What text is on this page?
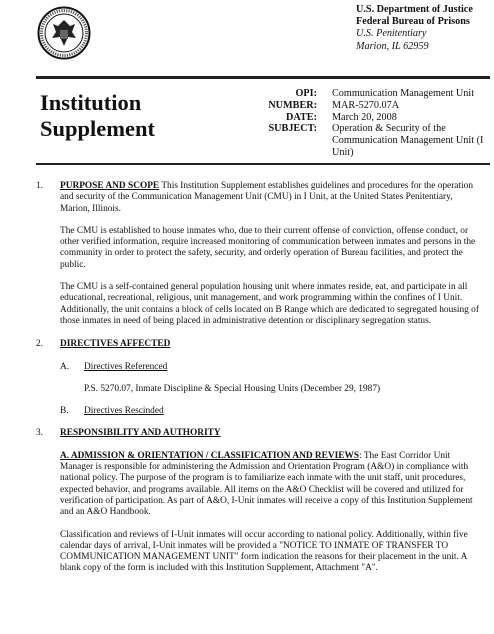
U.S. Department of Justice
Federal Bureau of Prisons
U.S. Penitentiary
Marion, IL 62959
Institution
Supplement
OPI:	Communication Management Unit
NUMBER:	MAR-5270.07A
DATE:	March 20, 2008
SUBJECT:	Operation & Security of the Communication Management Unit (I Unit)
1.	PURPOSE AND SCOPE This Institution Supplement establishes guidelines and procedures for the operation and security of the Communication Management Unit (CMU) in I Unit, at the United States Penitentiary, Marion, Illinois.
The CMU is established to house inmates who, due to their current offense of conviction, offense conduct, or other verified information, require increased monitoring of communication between inmates and persons in the community in order to protect the safety, security, and orderly operation of Bureau facilities, and protect the public.
The CMU is a self-contained general population housing unit where inmates reside, eat, and participate in all educational, recreational, religious, unit management, and work programming within the confines of I Unit. Additionally, the unit contains a block of cells located on B Range which are dedicated to segregated housing of those inmates in need of being placed in administrative detention or disciplinary segregation status.
2.	DIRECTIVES AFFECTED
A.	Directives Referenced
P.S. 5270.07, Inmate Discipline & Special Housing Units (December 29, 1987)
B.	Directives Rescinded
3.	RESPONSIBILITY AND AUTHORITY
A. ADMISSION & ORIENTATION / CLASSIFICATION AND REVIEWS: The East Corridor Unit Manager is responsible for administering the Admission and Orientation Program (A&O) in compliance with national policy. The purpose of the program is to familiarize each inmate with the unit staff, unit procedures, expected behavior, and programs available. All items on the A&O Checklist will be covered and utilized for verification of participation. As part of A&O, I-Unit inmates will receive a copy of this Institution Supplement and an A&O Handbook.
Classification and reviews of I-Unit inmates will occur according to national policy. Additionally, within five calendar days of arrival, I-Unit inmates will be provided a "NOTICE TO INMATE OF TRANSFER TO COMMUNICATION MANAGEMENT UNIT" form indication the reasons for their placement in the unit. A blank copy of the form is included with this Institution Supplement, Attachment "A".
